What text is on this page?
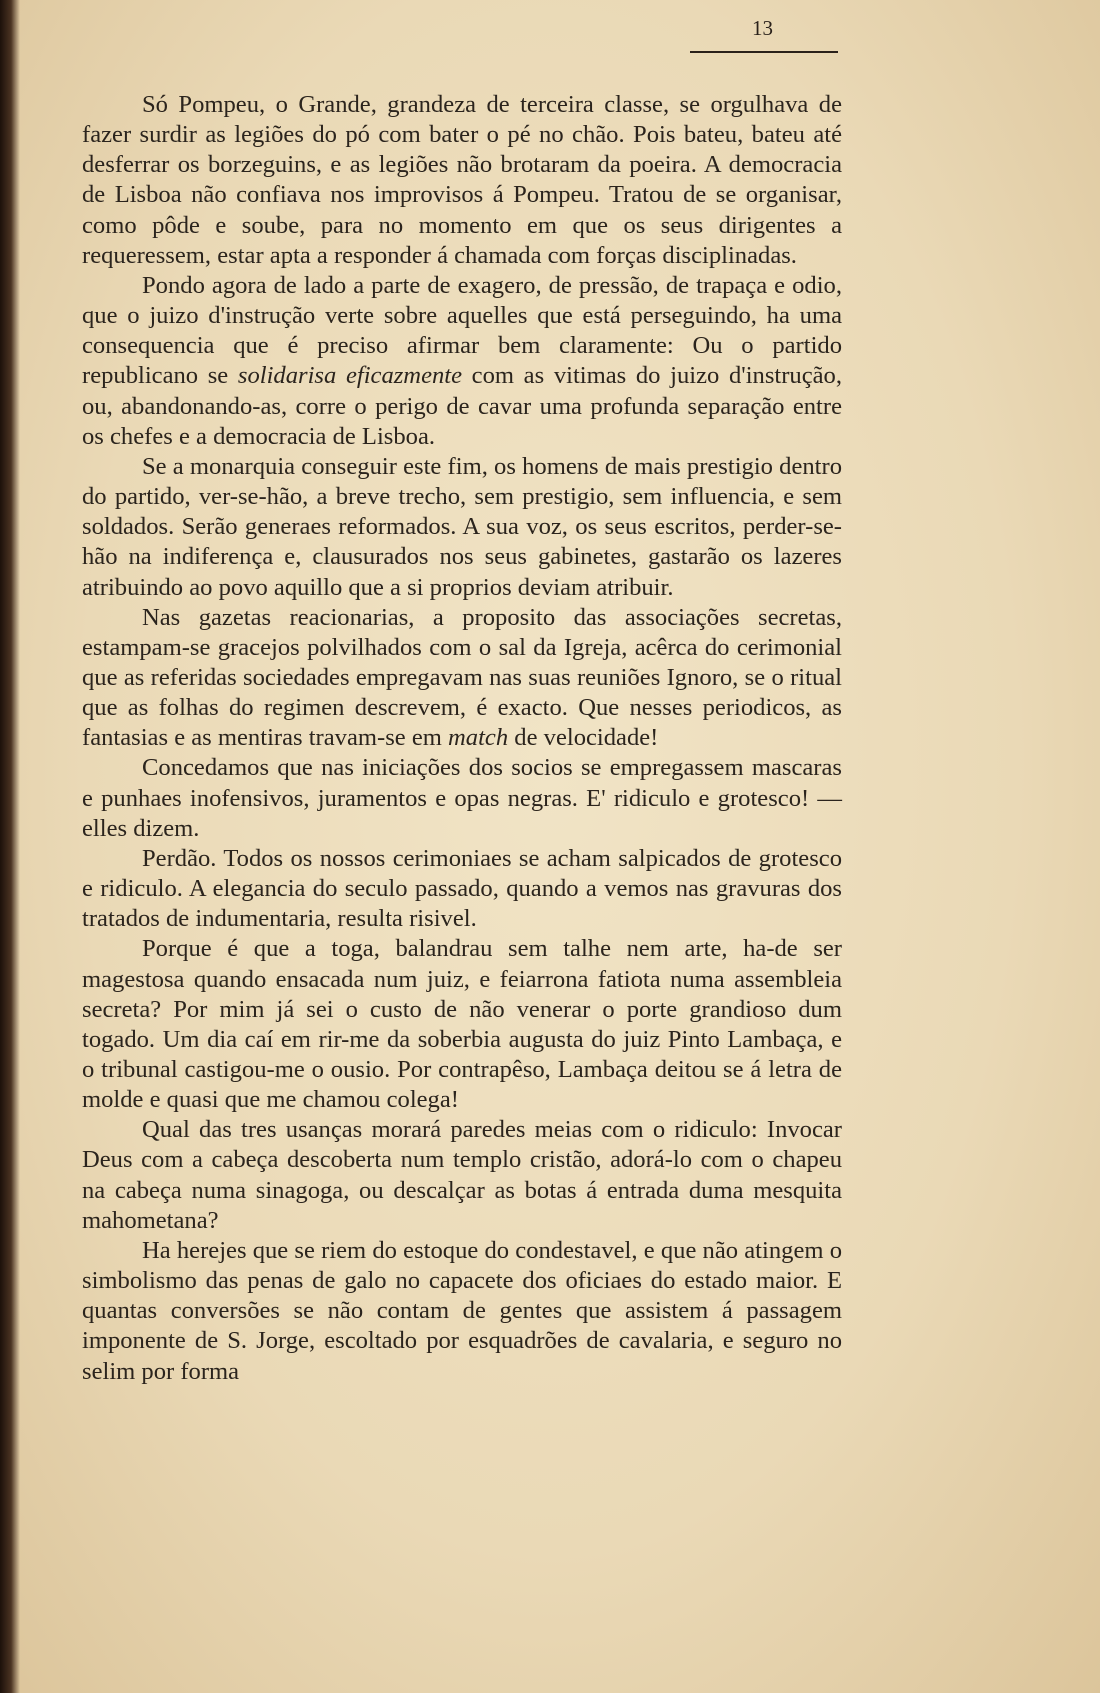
13

Só Pompeu, o Grande, grandeza de terceira classe, se orgulhava de fazer surdir as legiões do pó com bater o pé no chão. Pois bateu, bateu até desferrar os borzeguins, e as legiões não brotaram da poeira. A democracia de Lisboa não confiava nos improvisos á Pompeu. Tratou de se organisar, como pôde e soube, para no momento em que os seus dirigentes a requeressem, estar apta a responder á chamada com forças disciplinadas.

Pondo agora de lado a parte de exagero, de pressão, de trapaça e odio, que o juizo d'instrução verte sobre aquelles que está perseguindo, ha uma consequencia que é preciso afirmar bem claramente: Ou o partido republicano se solidarisa eficazmente com as vitimas do juizo d'instrução, ou, abandonando-as, corre o perigo de cavar uma profunda separação entre os chefes e a democracia de Lisboa.

Se a monarquia conseguir este fim, os homens de mais prestigio dentro do partido, ver-se-hão, a breve trecho, sem prestigio, sem influencia, e sem soldados. Serão generaes reformados. A sua voz, os seus escritos, perder-se-hão na indiferença e, clausurados nos seus gabinetes, gastarão os lazeres atribuindo ao povo aquillo que a si proprios deviam atribuir.

Nas gazetas reacionarias, a proposito das associações secretas, estampam-se gracejos polvilhados com o sal da Igreja, acêrca do cerimonial que as referidas sociedades empregavam nas suas reuniões Ignoro, se o ritual que as folhas do regimen descrevem, é exacto. Que nesses periodicos, as fantasias e as mentiras travam-se em match de velocidade!

Concedamos que nas iniciações dos socios se empregassem mascaras e punhaes inofensivos, juramentos e opas negras. E' ridiculo e grotesco! — elles dizem.

Perdão. Todos os nossos cerimoniaes se acham salpicados de grotesco e ridiculo. A elegancia do seculo passado, quando a vemos nas gravuras dos tratados de indumentaria, resulta risivel.

Porque é que a toga, balandrau sem talhe nem arte, ha-de ser magestosa quando ensacada num juiz, e feiarrona fatiota numa assembleia secreta? Por mim já sei o custo de não venerar o porte grandioso dum togado. Um dia caí em rir-me da soberbia augusta do juiz Pinto Lambaça, e o tribunal castigou-me o ousio. Por contrapêso, Lambaça deitou se á letra de molde e quasi que me chamou colega!

Qual das tres usanças morará paredes meias com o ridiculo: Invocar Deus com a cabeça descoberta num templo cristão, adorá-lo com o chapeu na cabeça numa sinagoga, ou descalçar as botas á entrada duma mesquita mahometana?

Ha herejes que se riem do estoque do condestavel, e que não atingem o simbolismo das penas de galo no capacete dos oficiaes do estado maior. E quantas conversões se não contam de gentes que assistem á passagem imponente de S. Jorge, escoltado por esquadrões de cavalaria, e seguro no selim por forma
